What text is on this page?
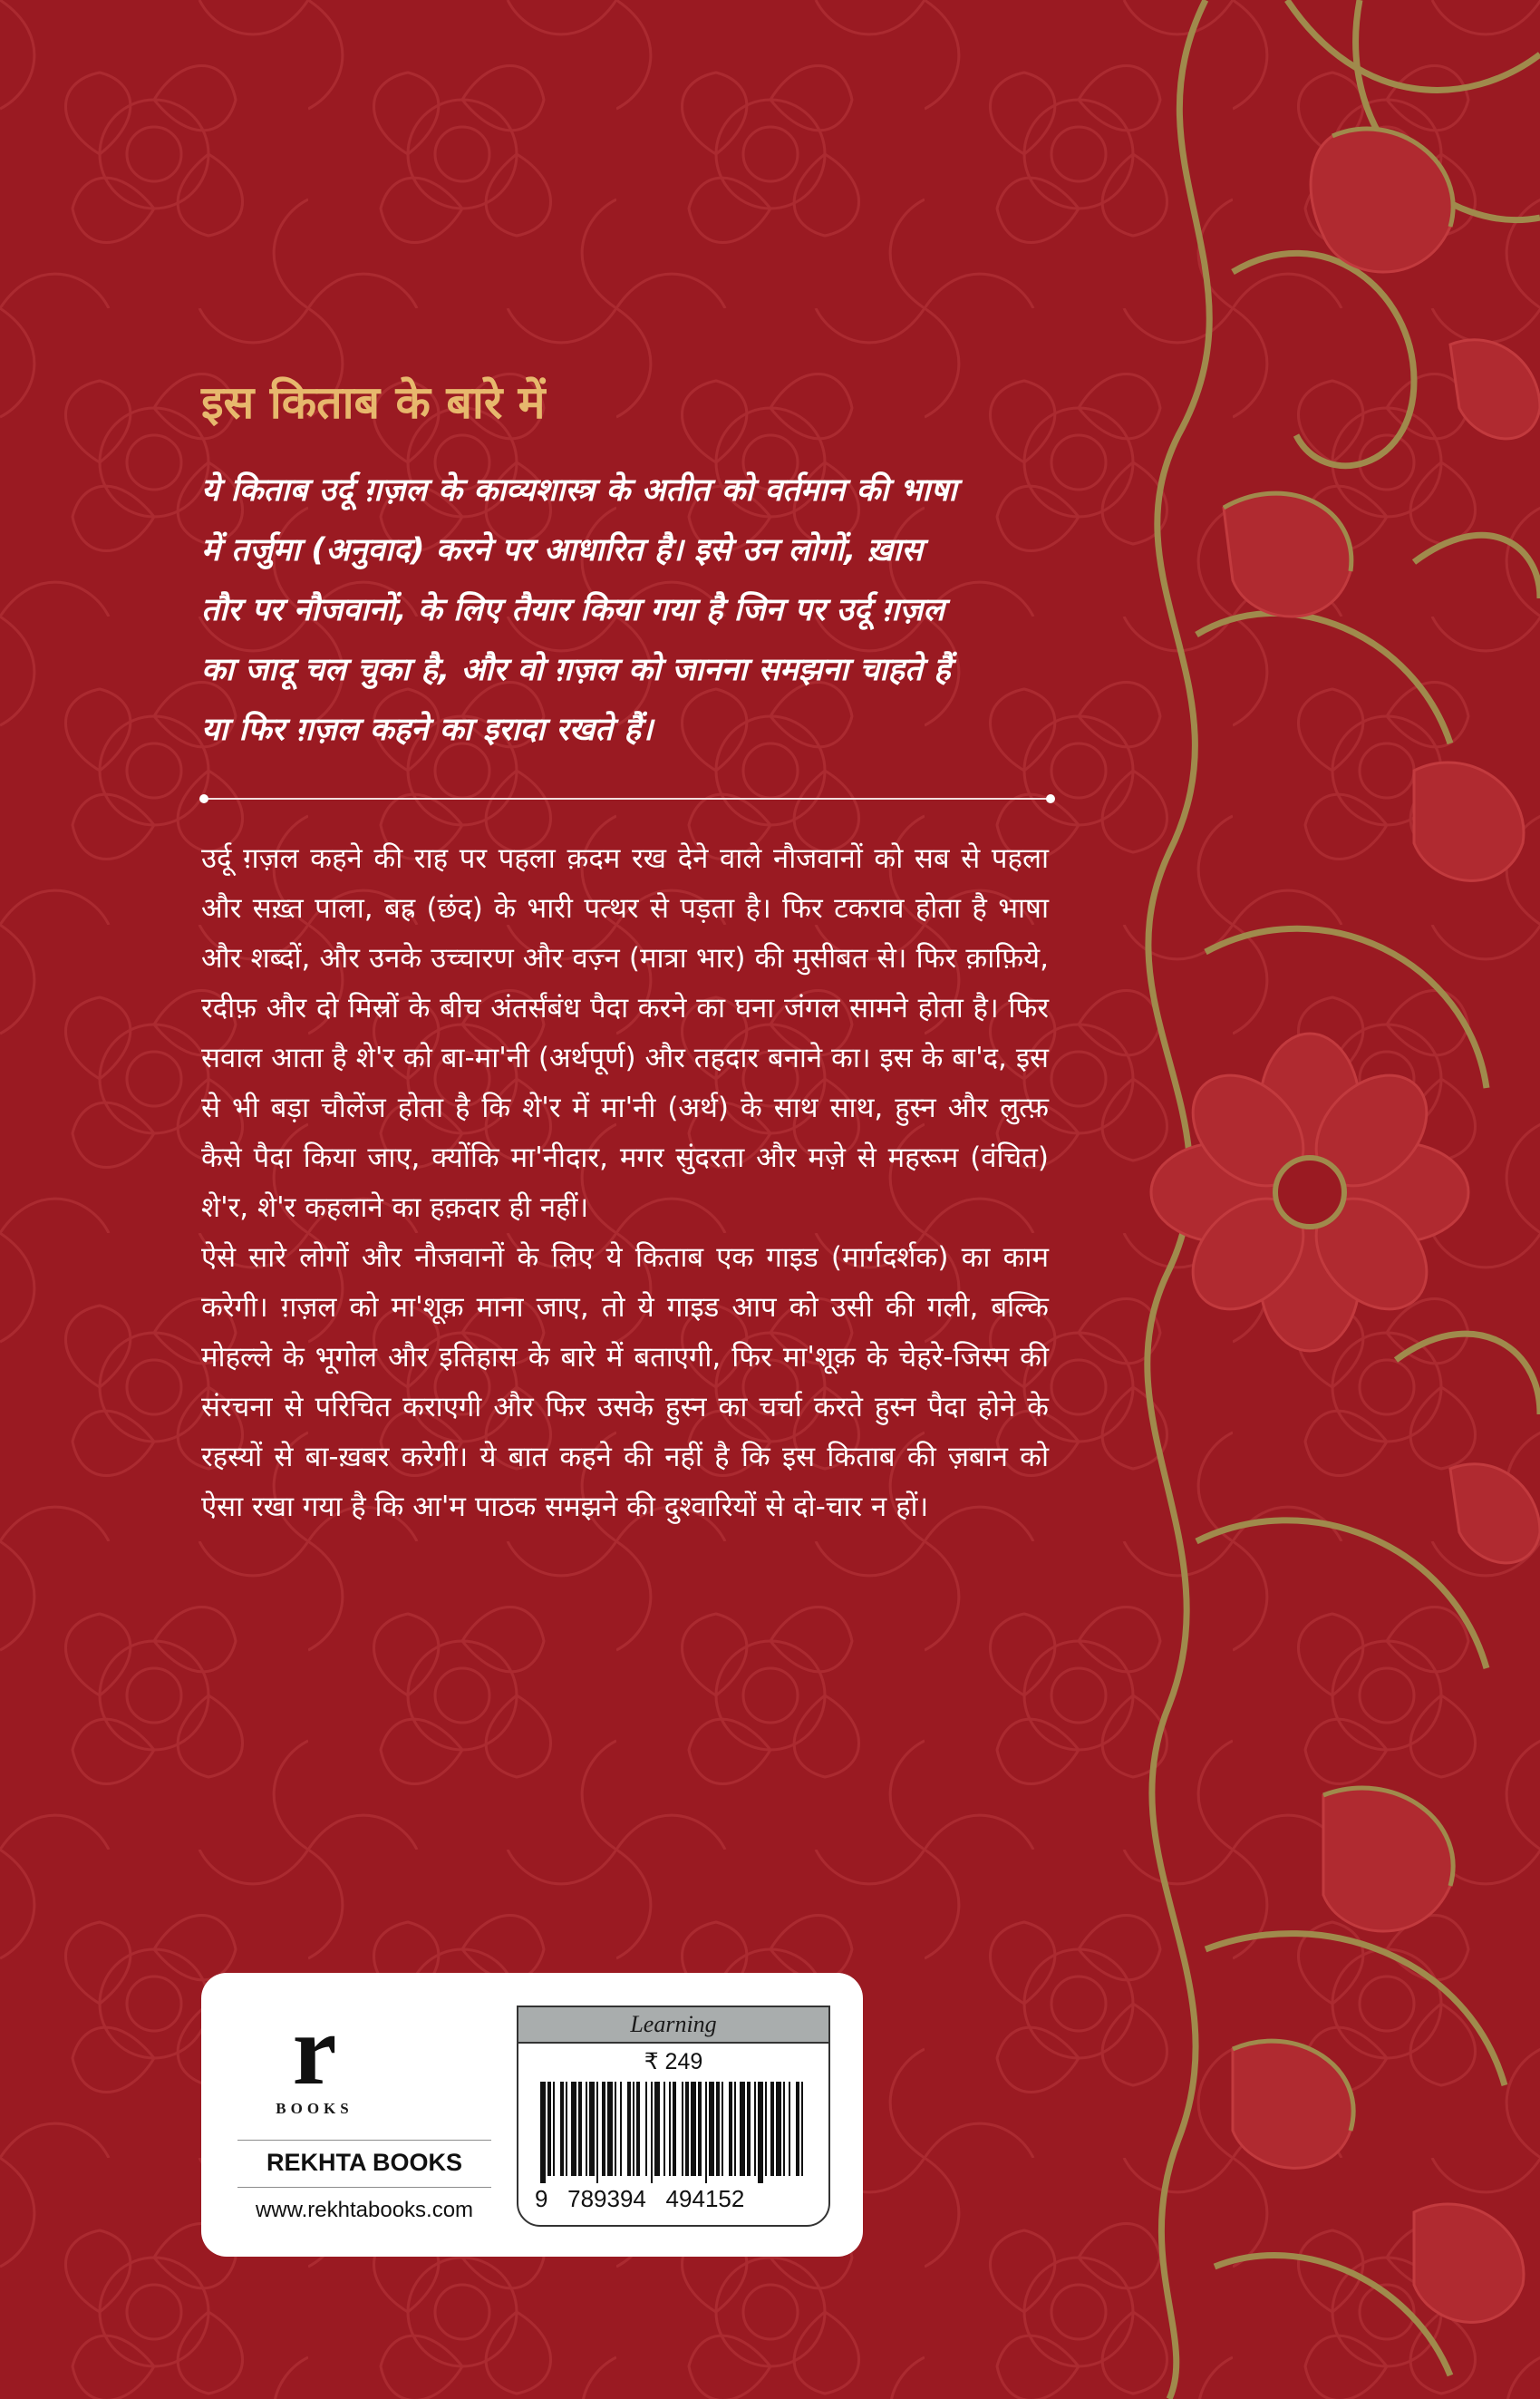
इस किताब के बारे में
ये किताब उर्दू ग़ज़ल के काव्यशास्त्र के अतीत को वर्तमान की भाषा
में तर्जुमा (अनुवाद) करने पर आधारित है। इसे उन लोगों, ख़ास
तौर पर नौजवानों, के लिए तैयार किया गया है जिन पर उर्दू ग़ज़ल
का जादू चल चुका है, और वो ग़ज़ल को जानना समझना चाहते हैं
या फिर ग़ज़ल कहने का इरादा रखते हैं।

उर्दू ग़ज़ल कहने की राह पर पहला क़दम रख देने वाले नौजवानों को सब से पहला और सख़्त पाला, बह्र (छंद) के भारी पत्थर से पड़ता है। फिर टकराव होता है भाषा और शब्दों, और उनके उच्चारण और वज़्न (मात्रा भार) की मुसीबत से। फिर क़ाफ़िये, रदीफ़ और दो मिस्रों के बीच अंतर्संबंध पैदा करने का घना जंगल सामने होता है। फिर सवाल आता है शे'र को बा-मा'नी (अर्थपूर्ण) और तहदार बनाने का। इस के बा'द, इस से भी बड़ा चौलेंज होता है कि शे'र में मा'नी (अर्थ) के साथ साथ, हुस्न और लुत्फ़ कैसे पैदा किया जाए, क्योंकि मा'नीदार, मगर सुंदरता और मज़े से महरूम (वंचित) शे'र, शे'र कहलाने का हक़दार ही नहीं।

ऐसे सारे लोगों और नौजवानों के लिए ये किताब एक गाइड (मार्गदर्शक) का काम करेगी। ग़ज़ल को मा'शूक़ माना जाए, तो ये गाइड आप को उसी की गली, बल्कि मोहल्ले के भूगोल और इतिहास के बारे में बताएगी, फिर मा'शूक़ के चेहरे-जिस्म की संरचना से परिचित कराएगी और फिर उसके हुस्न का चर्चा करते हुस्न पैदा होने के रहस्यों से बा-ख़बर करेगी। ये बात कहने की नहीं है कि इस किताब की ज़बान को ऐसा रखा गया है कि आ'म पाठक समझने की दुश्वारियों से दो-चार न हों।

r
BOOKS
REKHTA BOOKS
www.rekhtabooks.com
Learning
₹ 249
9   789394   494152
